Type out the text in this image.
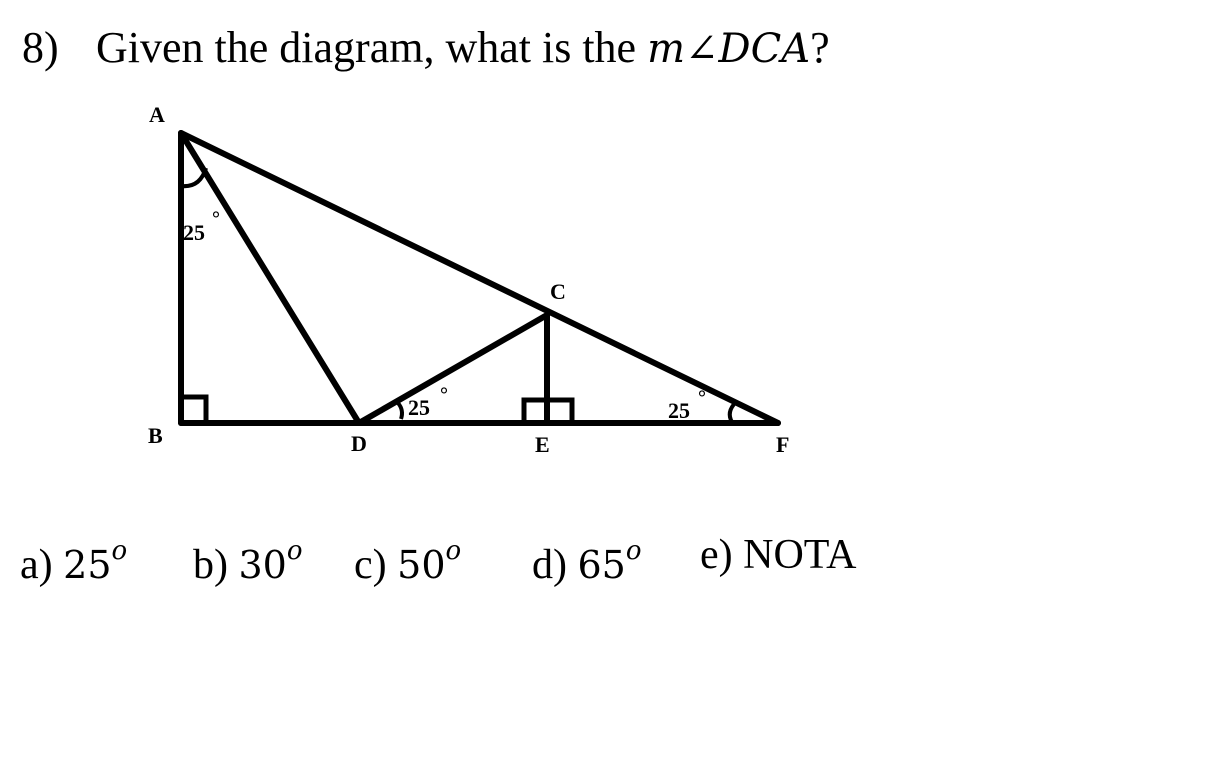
8) Given the diagram, what is the m∠DCA?
A
B
C
D	E	F
25
°
25 °
25 °
a) 25$^o$ b) 30$^o$ c) 50$^o$ d) 65$^o$ e) NOTA
